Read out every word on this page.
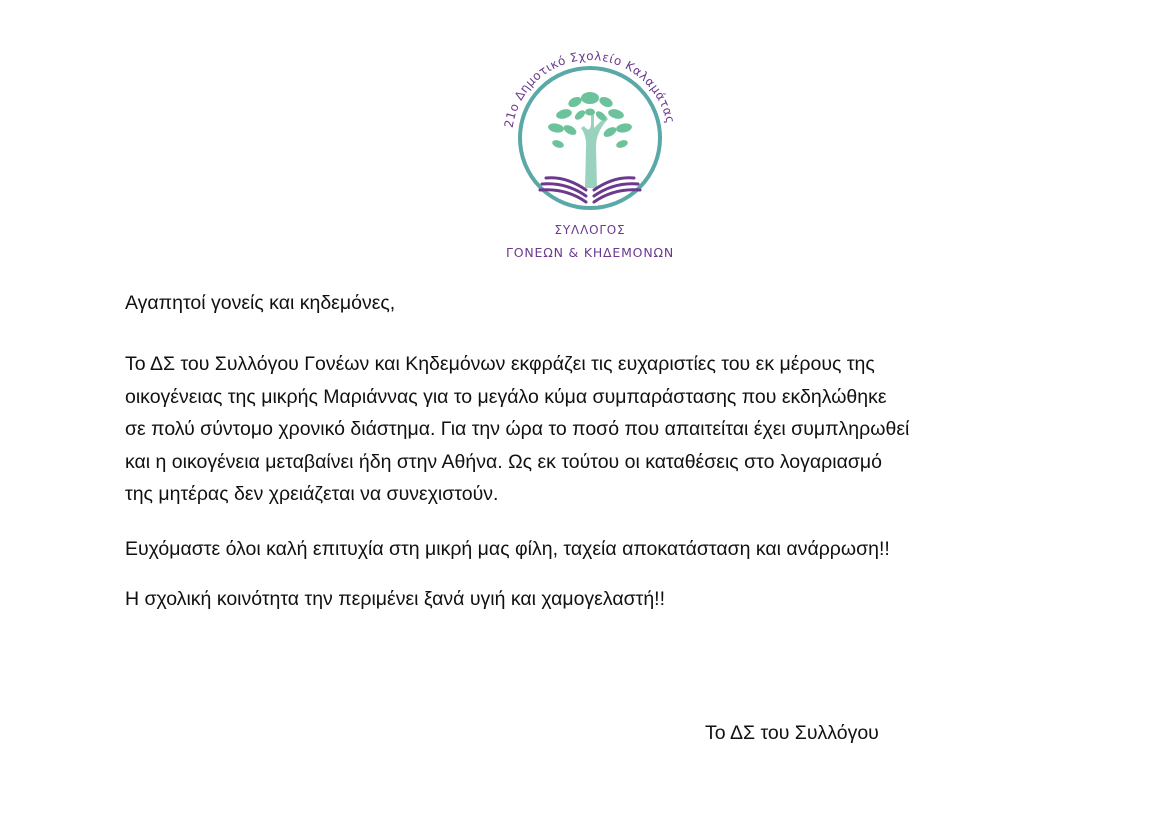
21ο Δημοτικό Σχολείο Καλαμάτας
ΣΥΛΛΟΓΟΣ
ΓΟΝΕΩΝ & ΚΗΔΕΜΟΝΩΝ

Αγαπητοί γονείς και κηδεμόνες,

Το ΔΣ του Συλλόγου Γονέων και Κηδεμόνων εκφράζει τις ευχαριστίες του εκ μέρους της
οικογένειας της μικρής Μαριάννας για το μεγάλο κύμα συμπαράστασης που εκδηλώθηκε
σε πολύ σύντομο χρονικό διάστημα. Για την ώρα το ποσό που απαιτείται έχει συμπληρωθεί
και η οικογένεια μεταβαίνει ήδη στην Αθήνα. Ως εκ τούτου οι καταθέσεις στο λογαριασμό
της μητέρας δεν χρειάζεται να συνεχιστούν.

Ευχόμαστε όλοι καλή επιτυχία στη μικρή μας φίλη, ταχεία αποκατάσταση και ανάρρωση!!

Η σχολική κοινότητα την περιμένει ξανά υγιή και χαμογελαστή!!

Το ΔΣ του Συλλόγου
